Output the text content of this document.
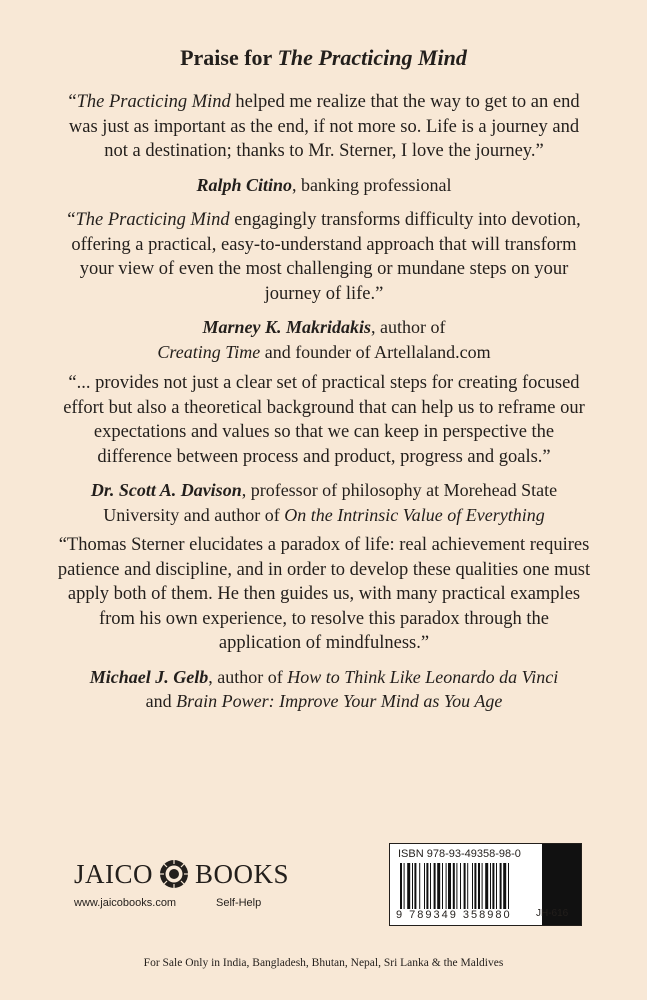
Praise for The Practicing Mind
“The Practicing Mind helped me realize that the way to get to an end was just as important as the end, if not more so. Life is a journey and not a destination; thanks to Mr. Sterner, I love the journey.”
Ralph Citino, banking professional
“The Practicing Mind engagingly transforms difficulty into devotion, offering a practical, easy-to-understand approach that will transform your view of even the most challenging or mundane steps on your journey of life.”
Marney K. Makridakis, author of
Creating Time and founder of Artellaland.com
“... provides not just a clear set of practical steps for creating focused effort but also a theoretical background that can help us to reframe our expectations and values so that we can keep in perspective the difference between process and product, progress and goals.”
Dr. Scott A. Davison, professor of philosophy at Morehead State University and author of On the Intrinsic Value of Everything
“Thomas Sterner elucidates a paradox of life: real achievement requires patience and discipline, and in order to develop these qualities one must apply both of them. He then guides us, with many practical examples from his own experience, to resolve this paradox through the application of mindfulness.”
Michael J. Gelb, author of How to Think Like Leonardo da Vinci
and Brain Power: Improve Your Mind as You Age
JAICO BOOKS
www.jaicobooks.com	Self-Help
ISBN 978-93-49358-98-0
9 789349 358980	JH-616
For Sale Only in India, Bangladesh, Bhutan, Nepal, Sri Lanka & the Maldives
